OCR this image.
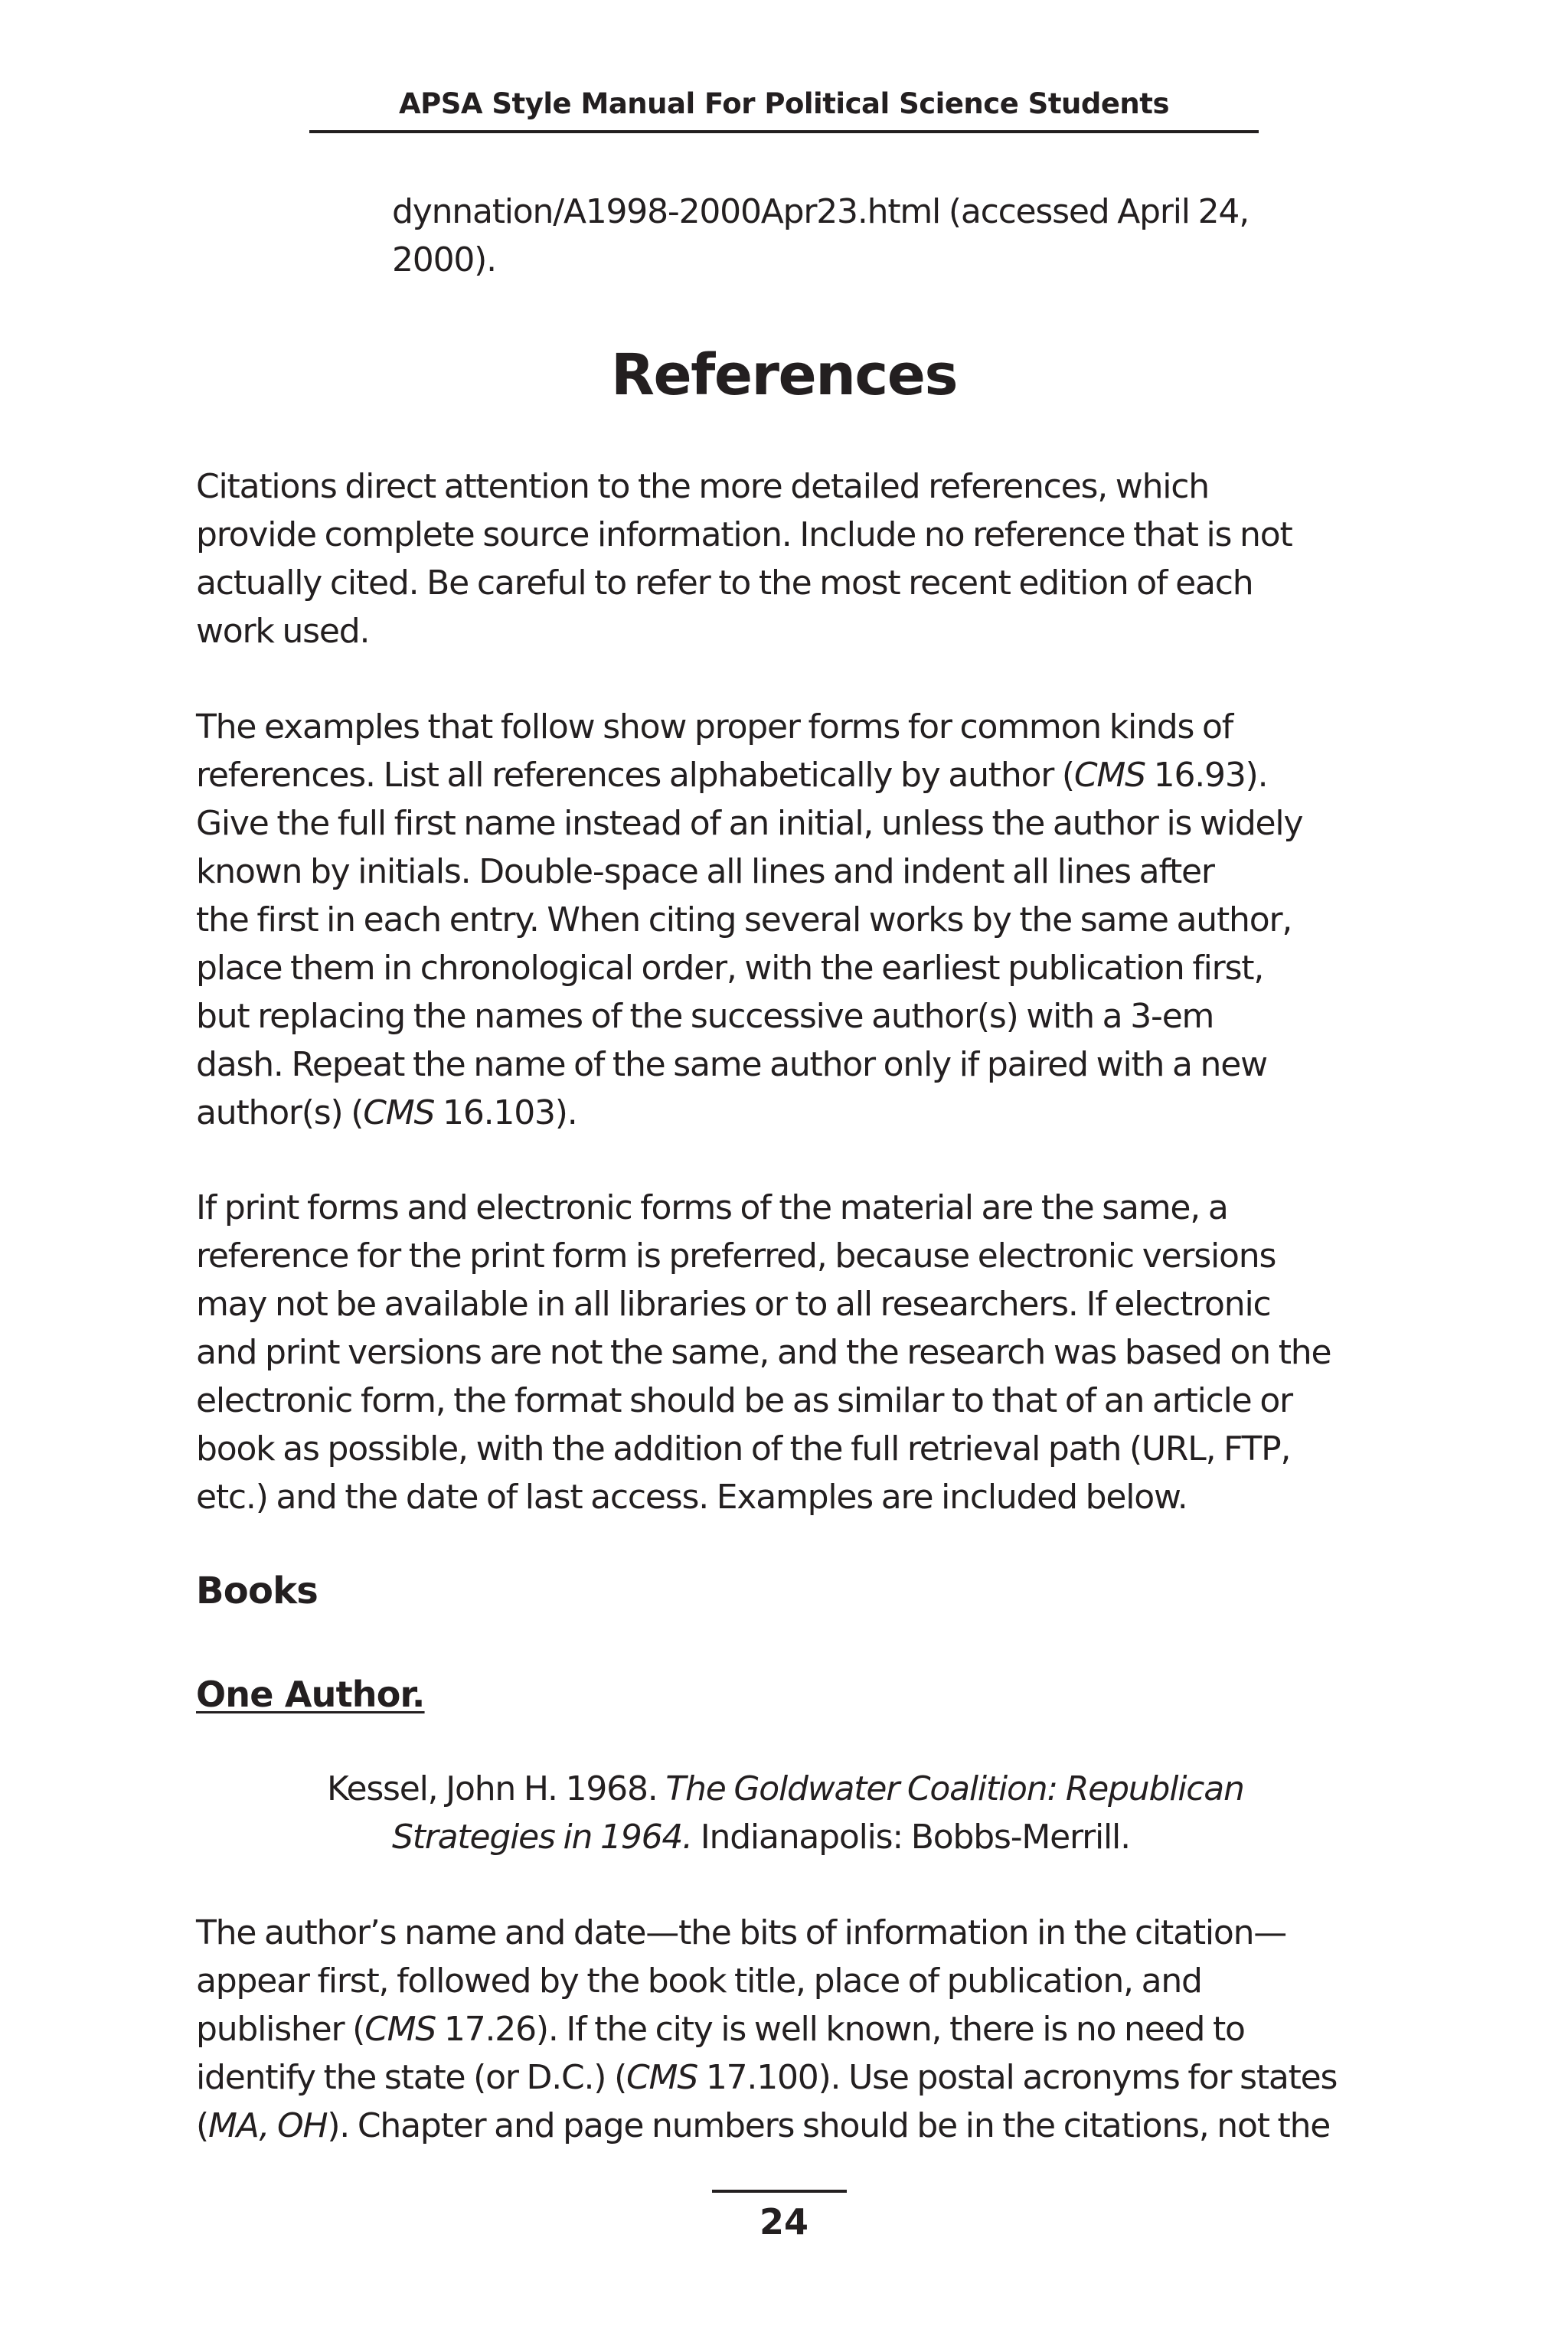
APSA Style Manual For Political Science Students
dynnation/A1998-2000Apr23.html (accessed April 24,
2000).
References
Citations direct attention to the more detailed references, which
provide complete source information. Include no reference that is not
actually cited. Be careful to refer to the most recent edition of each
work used.
The examples that follow show proper forms for common kinds of
references. List all references alphabetically by author (CMS 16.93).
Give the full first name instead of an initial, unless the author is widely
known by initials. Double-space all lines and indent all lines after
the first in each entry. When citing several works by the same author,
place them in chronological order, with the earliest publication first,
but replacing the names of the successive author(s) with a 3-em
dash. Repeat the name of the same author only if paired with a new
author(s) (CMS 16.103).
If print forms and electronic forms of the material are the same, a
reference for the print form is preferred, because electronic versions
may not be available in all libraries or to all researchers. If electronic
and print versions are not the same, and the research was based on the
electronic form, the format should be as similar to that of an article or
book as possible, with the addition of the full retrieval path (URL, FTP,
etc.) and the date of last access. Examples are included below.
Books
One Author.
Kessel, John H. 1968. The Goldwater Coalition: Republican
Strategies in 1964. Indianapolis: Bobbs-Merrill.
The author’s name and date—the bits of information in the citation—
appear first, followed by the book title, place of publication, and
publisher (CMS 17.26). If the city is well known, there is no need to
identify the state (or D.C.) (CMS 17.100). Use postal acronyms for states
(MA, OH). Chapter and page numbers should be in the citations, not the
24
